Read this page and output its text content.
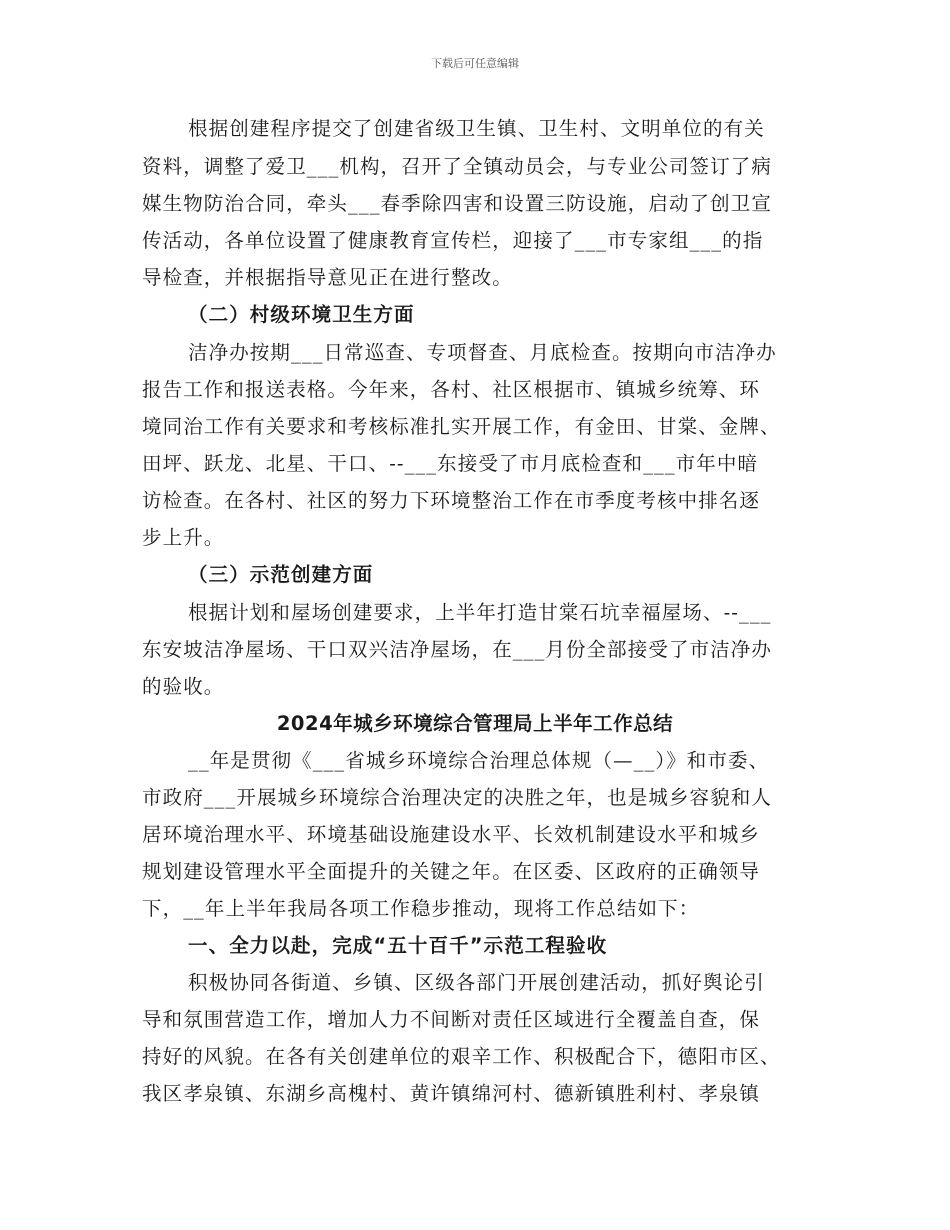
下载后可任意编辑
根据创建程序提交了创建省级卫生镇、卫生村、文明单位的有关
资料，调整了爱卫___机构，召开了全镇动员会，与专业公司签订了病
媒生物防治合同，牵头___春季除四害和设置三防设施，启动了创卫宣
传活动，各单位设置了健康教育宣传栏，迎接了___市专家组___的指
导检查，并根据指导意见正在进行整改。
（二）村级环境卫生方面
洁净办按期___日常巡查、专项督查、月底检查。按期向市洁净办
报告工作和报送表格。今年来，各村、社区根据市、镇城乡统筹、环
境同治工作有关要求和考核标准扎实开展工作，有金田、甘棠、金牌、
田坪、跃龙、北星、干口、--___东接受了市月底检查和___市年中暗
访检查。在各村、社区的努力下环境整治工作在市季度考核中排名逐
步上升。
（三）示范创建方面
根据计划和屋场创建要求，上半年打造甘棠石坑幸福屋场、--___
东安坡洁净屋场、干口双兴洁净屋场，在___月份全部接受了市洁净办
的验收。
2024年城乡环境综合管理局上半年工作总结
__年是贯彻《___省城乡环境综合治理总体规（—__）》和市委、
市政府___开展城乡环境综合治理决定的决胜之年，也是城乡容貌和人
居环境治理水平、环境基础设施建设水平、长效机制建设水平和城乡
规划建设管理水平全面提升的关键之年。在区委、区政府的正确领导
下，__年上半年我局各项工作稳步推动，现将工作总结如下：
一、全力以赴，完成“五十百千”示范工程验收
积极协同各街道、乡镇、区级各部门开展创建活动，抓好舆论引
导和氛围营造工作，增加人力不间断对责任区域进行全覆盖自查，保
持好的风貌。在各有关创建单位的艰辛工作、积极配合下，德阳市区、
我区孝泉镇、东湖乡高槐村、黄许镇绵河村、德新镇胜利村、孝泉镇
